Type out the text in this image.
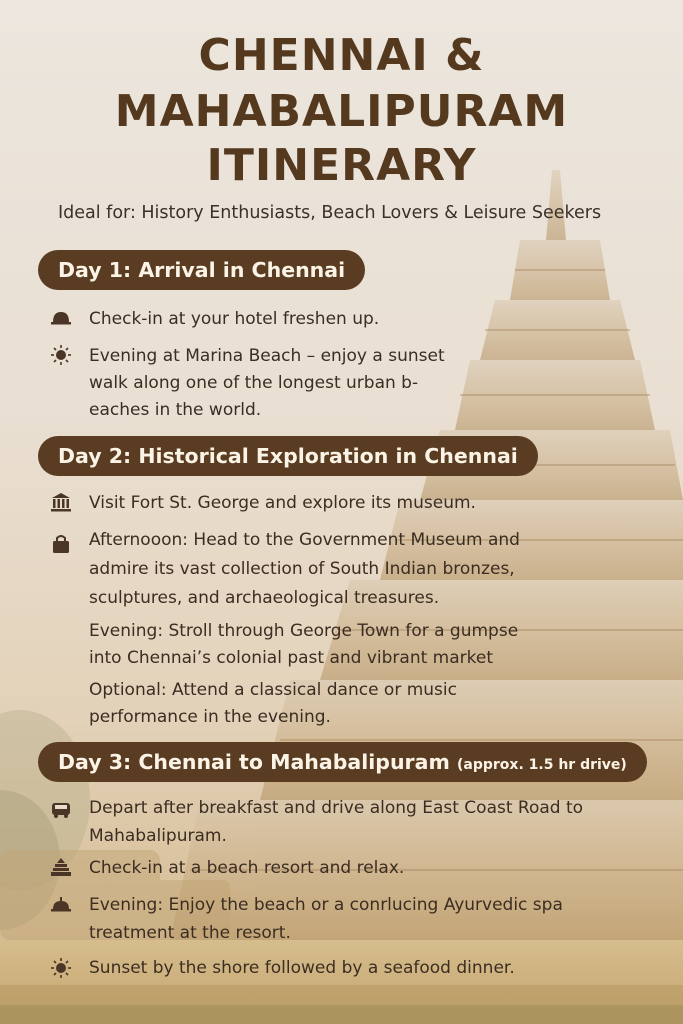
CHENNAI &
MAHABALIPURAM
ITINERARY
Ideal for: History Enthusiasts, Beach Lovers & Leisure Seekers
Day 1: Arrival in Chennai
Check-in at your hotel freshen up.
Evening at Marina Beach – enjoy a sunset walk along one of the longest urban b-eaches in the world.
Day 2: Historical Exploration in Chennai
Visit Fort St. George and explore its museum.
Afternooon: Head to the Government Museum and admire its vast collection of South Indian bronzes, sculptures, and archaeological treasures.
Evening: Stroll through George Town for a gumpse into Chennai’s colonial past and vibrant market
Optional: Attend a classical dance or music performance in the evening.
Day 3: Chennai to Mahabalipuram (approx. 1.5 hr drive)
Depart after breakfast and drive along East Coast Road to Mahabalipuram.
Check-in at a beach resort and relax.
Evening: Enjoy the beach or a conrlucing Ayurvedic spa treatment at the resort.
Sunset by the shore followed by a seafood dinner.
